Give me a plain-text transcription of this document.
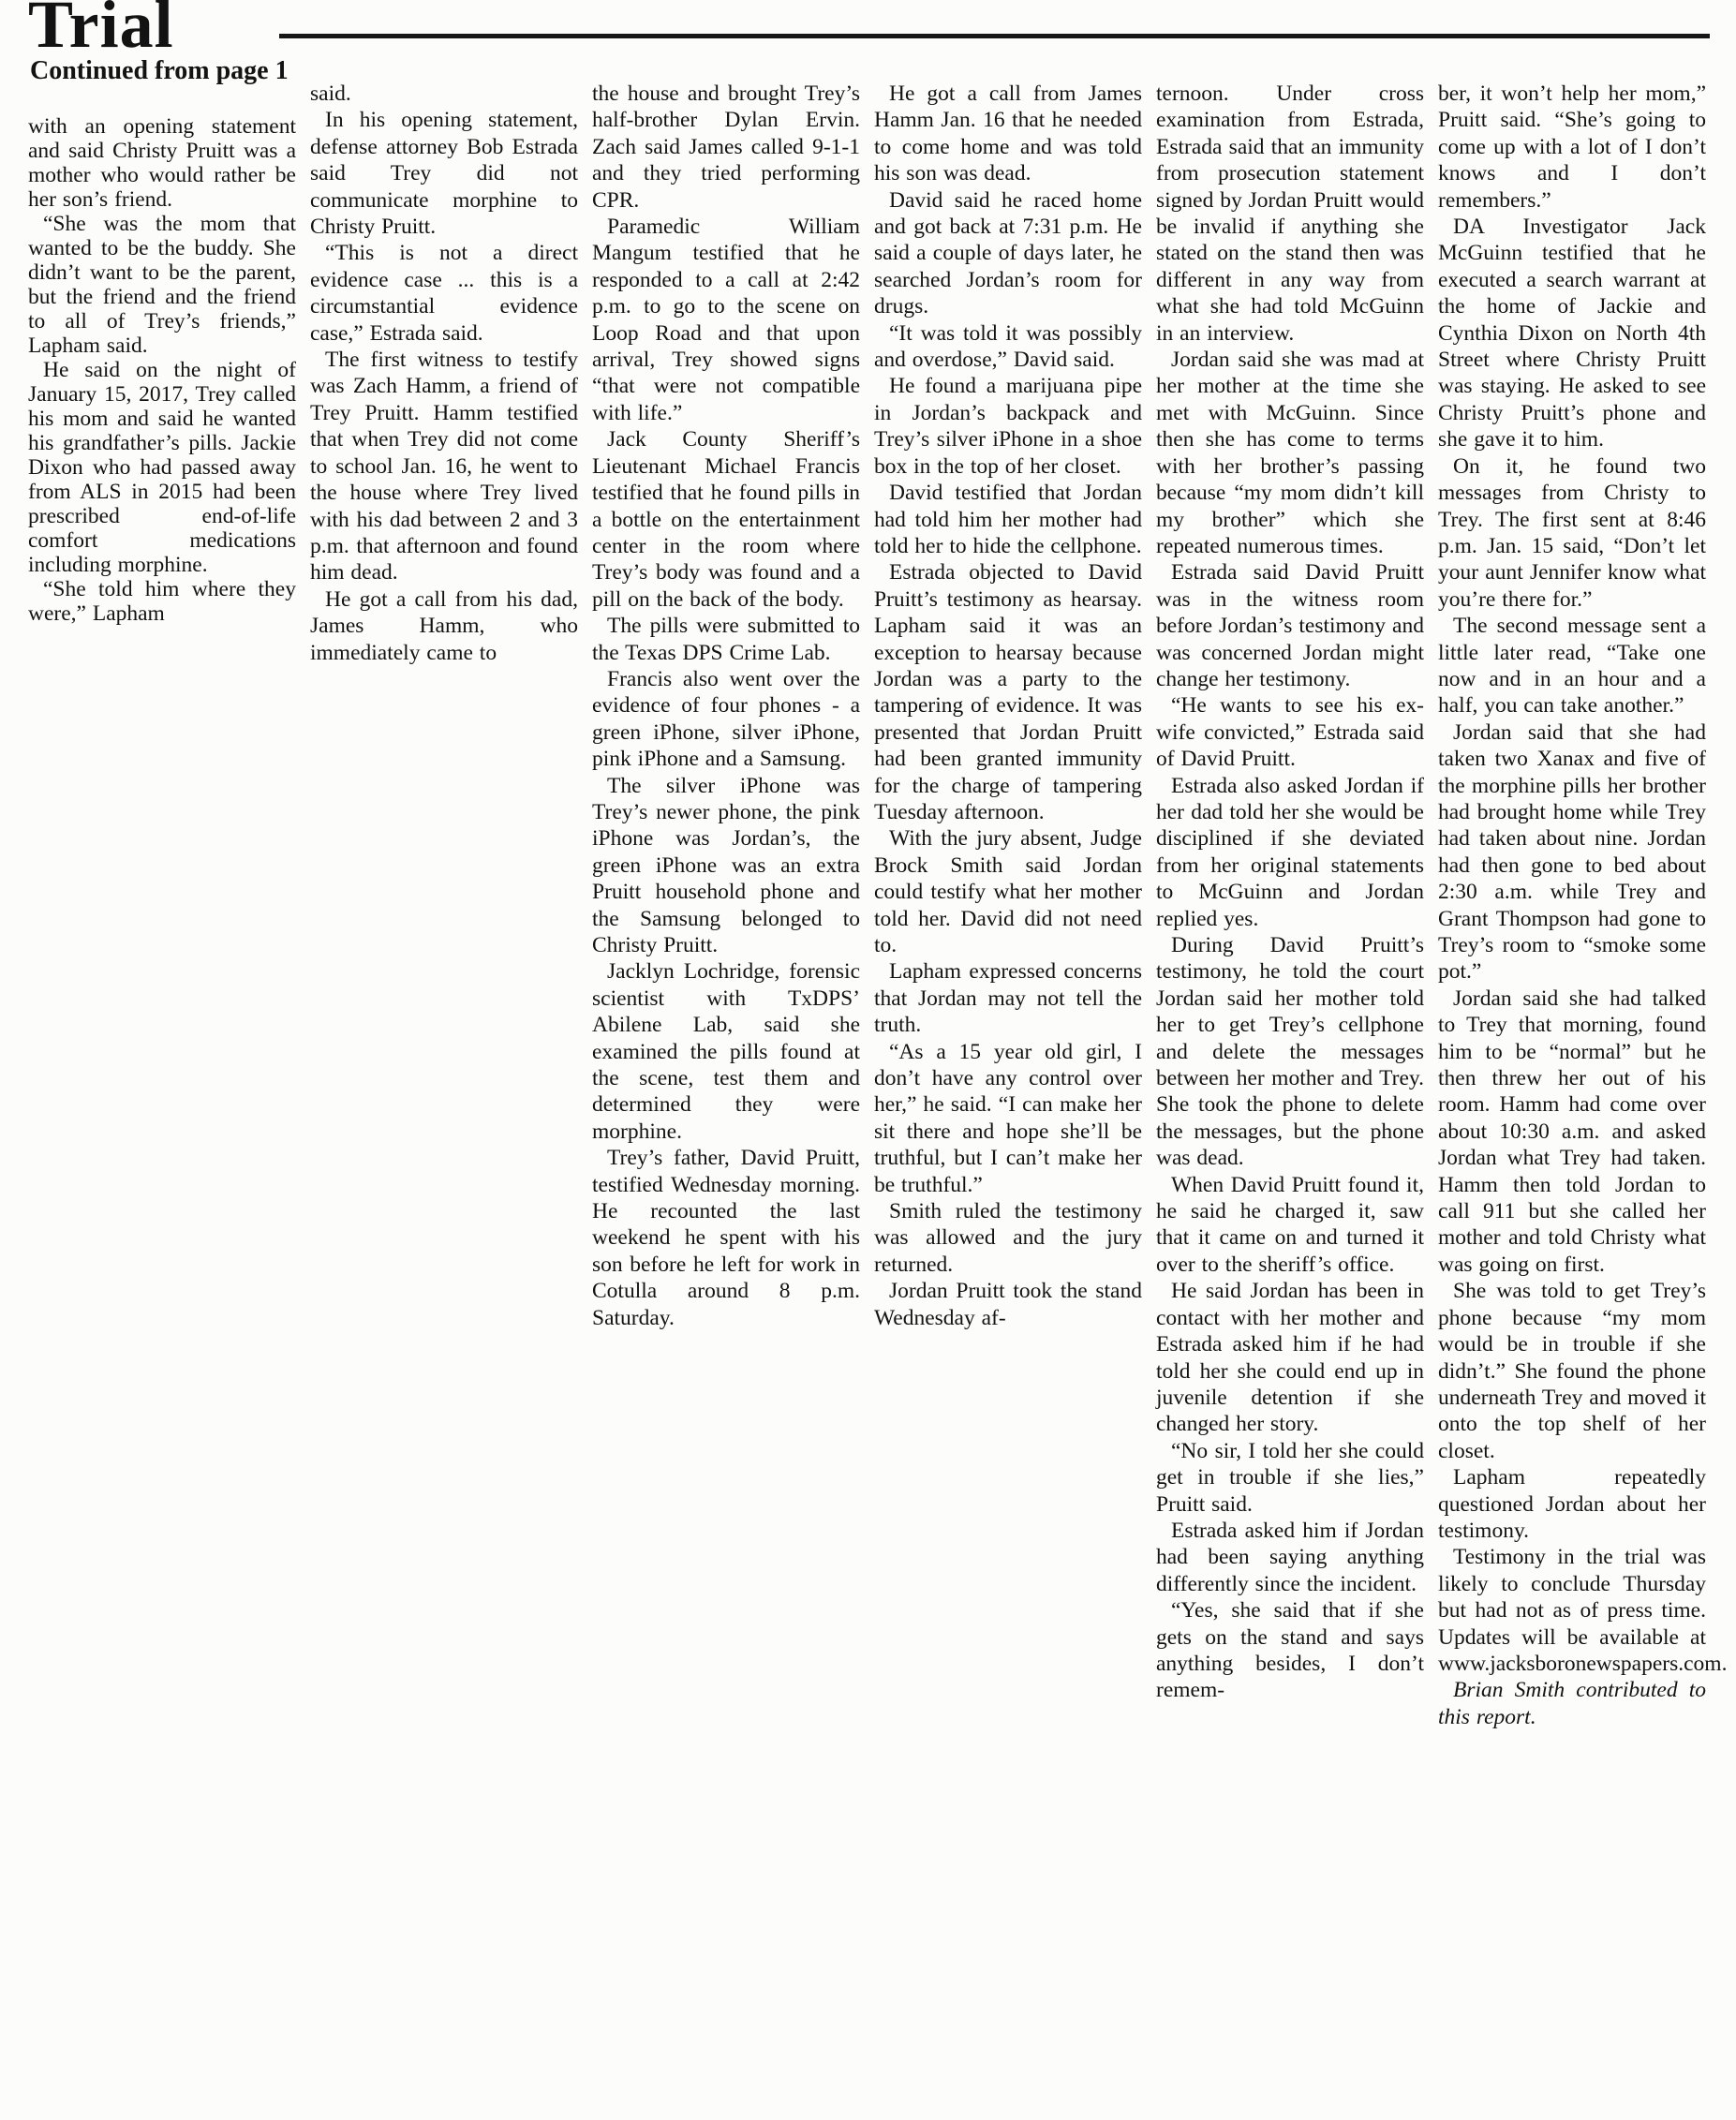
Trial
Continued from page 1

with an opening statement and said Christy Pruitt was a mother who would rather be her son’s friend.

“She was the mom that wanted to be the buddy. She didn’t want to be the parent, but the friend and the friend to all of Trey’s friends,” Lapham said.

He said on the night of January 15, 2017, Trey called his mom and said he wanted his grandfather’s pills. Jackie Dixon who had passed away from ALS in 2015 had been prescribed end-of-life comfort medications including morphine.

“She told him where they were,” Lapham

said.

In his opening statement, defense attorney Bob Estrada said Trey did not communicate morphine to Christy Pruitt.

“This is not a direct evidence case ... this is a circumstantial evidence case,” Estrada said.

The first witness to testify was Zach Hamm, a friend of Trey Pruitt. Hamm testified that when Trey did not come to school Jan. 16, he went to the house where Trey lived with his dad between 2 and 3 p.m. that afternoon and found him dead.

He got a call from his dad, James Hamm, who immediately came to

the house and brought Trey’s half-brother Dylan Ervin. Zach said James called 9-1-1 and they tried performing CPR.

Paramedic William Mangum testified that he responded to a call at 2:42 p.m. to go to the scene on Loop Road and that upon arrival, Trey showed signs “that were not compatible with life.”

Jack County Sheriff’s Lieutenant Michael Francis testified that he found pills in a bottle on the entertainment center in the room where Trey’s body was found and a pill on the back of the body.

The pills were submitted to the Texas DPS Crime Lab.

Francis also went over the evidence of four phones - a green iPhone, silver iPhone, pink iPhone and a Samsung.

The silver iPhone was Trey’s newer phone, the pink iPhone was Jordan’s, the green iPhone was an extra Pruitt household phone and the Samsung belonged to Christy Pruitt.

Jacklyn Lochridge, forensic scientist with TxDPS’ Abilene Lab, said she examined the pills found at the scene, test them and determined they were morphine.

Trey’s father, David Pruitt, testified Wednesday morning. He recounted the last weekend he spent with his son before he left for work in Cotulla around 8 p.m. Saturday.

He got a call from James Hamm Jan. 16 that he needed to come home and was told his son was dead.

David said he raced home and got back at 7:31 p.m. He said a couple of days later, he searched Jordan’s room for drugs.

“It was told it was possibly and overdose,” David said.

He found a marijuana pipe in Jordan’s backpack and Trey’s silver iPhone in a shoe box in the top of her closet.

David testified that Jordan had told him her mother had told her to hide the cellphone.

Estrada objected to David Pruitt’s testimony as hearsay. Lapham said it was an exception to hearsay because Jordan was a party to the tampering of evidence. It was presented that Jordan Pruitt had been granted immunity for the charge of tampering Tuesday afternoon.

With the jury absent, Judge Brock Smith said Jordan could testify what her mother told her. David did not need to.

Lapham expressed concerns that Jordan may not tell the truth.

“As a 15 year old girl, I don’t have any control over her,” he said. “I can make her sit there and hope she’ll be truthful, but I can’t make her be truthful.”

Smith ruled the testimony was allowed and the jury returned.

Jordan Pruitt took the stand Wednesday af-

ternoon. Under cross examination from Estrada, Estrada said that an immunity from prosecution statement signed by Jordan Pruitt would be invalid if anything she stated on the stand then was different in any way from what she had told McGuinn in an interview.

Jordan said she was mad at her mother at the time she met with McGuinn. Since then she has come to terms with her brother’s passing because “my mom didn’t kill my brother” which she repeated numerous times.

Estrada said David Pruitt was in the witness room before Jordan’s testimony and was concerned Jordan might change her testimony.

“He wants to see his ex-wife convicted,” Estrada said of David Pruitt.

Estrada also asked Jordan if her dad told her she would be disciplined if she deviated from her original statements to McGuinn and Jordan replied yes.

During David Pruitt’s testimony, he told the court Jordan said her mother told her to get Trey’s cellphone and delete the messages between her mother and Trey. She took the phone to delete the messages, but the phone was dead.

When David Pruitt found it, he said he charged it, saw that it came on and turned it over to the sheriff’s office.

He said Jordan has been in contact with her mother and Estrada asked him if he had told her she could end up in juvenile detention if she changed her story.

“No sir, I told her she could get in trouble if she lies,” Pruitt said.

Estrada asked him if Jordan had been saying anything differently since the incident.

“Yes, she said that if she gets on the stand and says anything besides, I don’t remem-

ber, it won’t help her mom,” Pruitt said. “She’s going to come up with a lot of I don’t knows and I don’t remembers.”

DA Investigator Jack McGuinn testified that he executed a search warrant at the home of Jackie and Cynthia Dixon on North 4th Street where Christy Pruitt was staying. He asked to see Christy Pruitt’s phone and she gave it to him.

On it, he found two messages from Christy to Trey. The first sent at 8:46 p.m. Jan. 15 said, “Don’t let your aunt Jennifer know what you’re there for.”

The second message sent a little later read, “Take one now and in an hour and a half, you can take another.”

Jordan said that she had taken two Xanax and five of the morphine pills her brother had brought home while Trey had taken about nine. Jordan had then gone to bed about 2:30 a.m. while Trey and Grant Thompson had gone to Trey’s room to “smoke some pot.”

Jordan said she had talked to Trey that morning, found him to be “normal” but he then threw her out of his room. Hamm had come over about 10:30 a.m. and asked Jordan what Trey had taken. Hamm then told Jordan to call 911 but she called her mother and told Christy what was going on first.

She was told to get Trey’s phone because “my mom would be in trouble if she didn’t.” She found the phone underneath Trey and moved it onto the top shelf of her closet.

Lapham repeatedly questioned Jordan about her testimony.

Testimony in the trial was likely to conclude Thursday but had not as of press time. Updates will be available at www.jacksboronewspapers.com.

Brian Smith contributed to this report.
